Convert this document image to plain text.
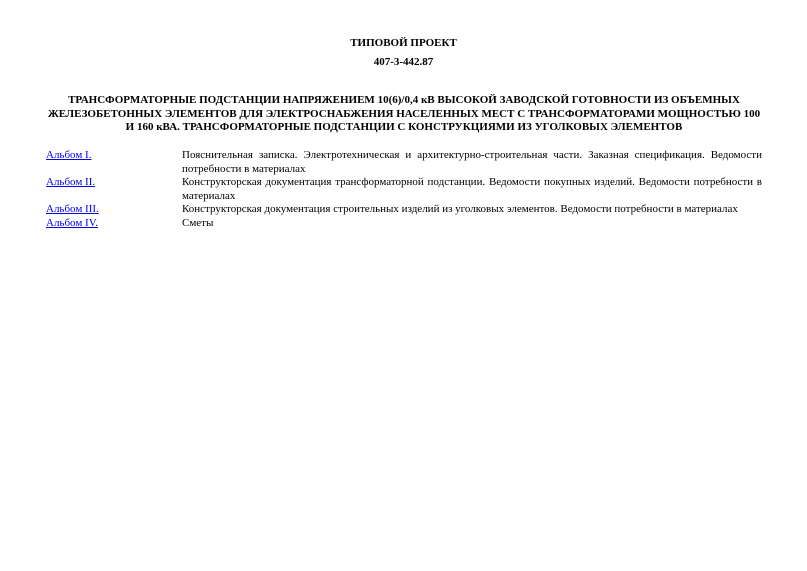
ТИПОВОЙ ПРОЕКТ
407-3-442.87
ТРАНСФОРМАТОРНЫЕ ПОДСТАНЦИИ НАПРЯЖЕНИЕМ 10(6)/0,4 кВ ВЫСОКОЙ ЗАВОДСКОЙ ГОТОВНОСТИ ИЗ ОБЪЕМНЫХ ЖЕЛЕЗОБЕТОННЫХ ЭЛЕМЕНТОВ ДЛЯ ЭЛЕКТРОСНАБЖЕНИЯ НАСЕЛЕННЫХ МЕСТ С ТРАНСФОРМАТОРАМИ МОЩНОСТЬЮ 100 И 160 кВА. ТРАНСФОРМАТОРНЫЕ ПОДСТАНЦИИ С КОНСТРУКЦИЯМИ ИЗ УГОЛКОВЫХ ЭЛЕМЕНТОВ
Альбом I.	Пояснительная записка. Электротехническая и архитектурно-строительная части. Заказная спецификация. Ведомости потребности в материалах
Альбом II.	Конструкторская документация трансформаторной подстанции. Ведомости покупных изделий. Ведомости потребности в материалах
Альбом III.	Конструкторская документация строительных изделий из уголковых элементов. Ведомости потребности в материалах
Альбом IV.	Сметы
